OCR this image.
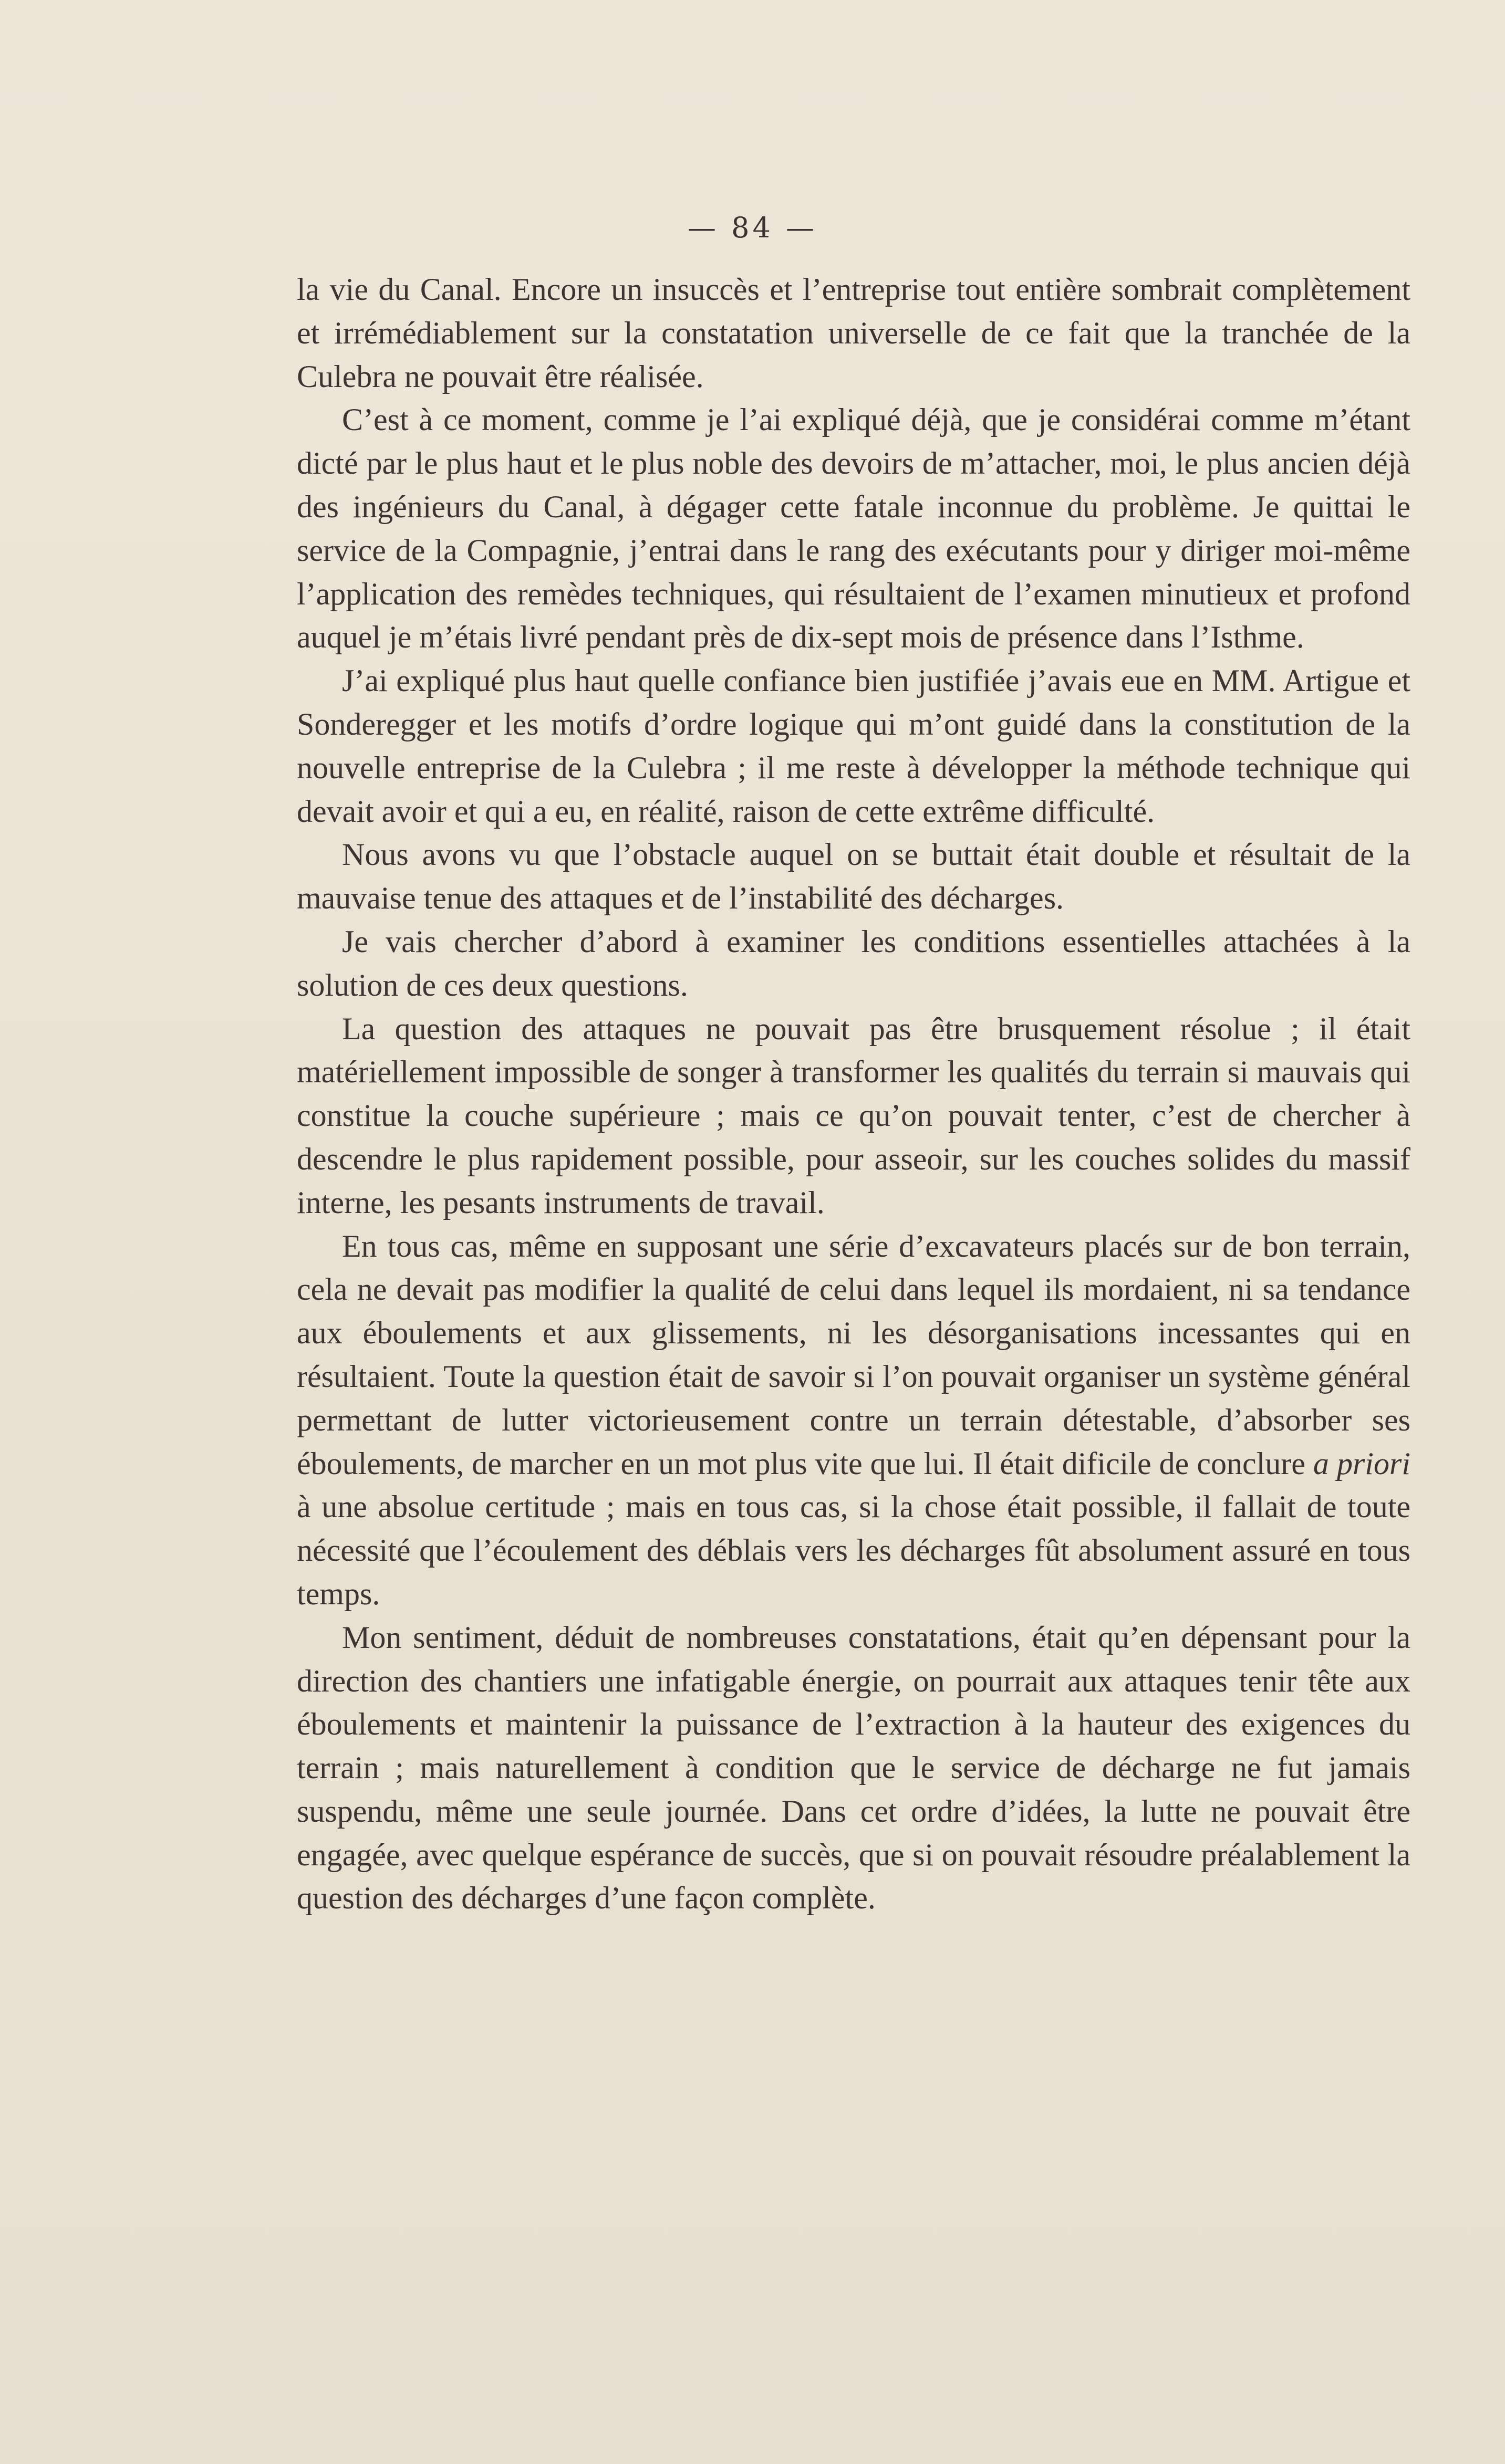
— 84 —

la vie du Canal. Encore un insuccès et l’entreprise tout entière sombrait complètement et irrémédiablement sur la constatation universelle de ce fait que la tranchée de la Culebra ne pouvait être réalisée.

C’est à ce moment, comme je l’ai expliqué déjà, que je considérai comme m’étant dicté par le plus haut et le plus noble des devoirs de m’attacher, moi, le plus ancien déjà des ingénieurs du Canal, à dégager cette fatale inconnue du problème. Je quittai le service de la Compagnie, j’entrai dans le rang des exécutants pour y diriger moi-même l’application des remèdes techniques, qui résultaient de l’examen minutieux et profond auquel je m’étais livré pendant près de dix-sept mois de présence dans l’Isthme.

J’ai expliqué plus haut quelle confiance bien justifiée j’avais eue en MM. Artigue et Sonderegger et les motifs d’ordre logique qui m’ont guidé dans la constitution de la nouvelle entreprise de la Culebra ; il me reste à développer la méthode technique qui devait avoir et qui a eu, en réalité, raison de cette extrême difficulté.

Nous avons vu que l’obstacle auquel on se buttait était double et résultait de la mauvaise tenue des attaques et de l’instabilité des décharges.

Je vais chercher d’abord à examiner les conditions essentielles attachées à la solution de ces deux questions.

La question des attaques ne pouvait pas être brusquement résolue ; il était matériellement impossible de songer à transformer les qualités du terrain si mauvais qui constitue la couche supérieure ; mais ce qu’on pouvait tenter, c’est de chercher à descendre le plus rapidement possible, pour asseoir, sur les couches solides du massif interne, les pesants instruments de travail.

En tous cas, même en supposant une série d’excavateurs placés sur de bon terrain, cela ne devait pas modifier la qualité de celui dans lequel ils mordaient, ni sa tendance aux éboulements et aux glissements, ni les désorganisations incessantes qui en résultaient. Toute la question était de savoir si l’on pouvait organiser un système général permettant de lutter victorieusement contre un terrain détestable, d’absorber ses éboulements, de marcher en un mot plus vite que lui. Il était dificile de conclure a priori à une absolue certitude ; mais en tous cas, si la chose était possible, il fallait de toute nécessité que l’écoulement des déblais vers les décharges fût absolument assuré en tous temps.

Mon sentiment, déduit de nombreuses constatations, était qu’en dépensant pour la direction des chantiers une infatigable énergie, on pourrait aux attaques tenir tête aux éboulements et maintenir la puissance de l’extraction à la hauteur des exigences du terrain ; mais naturellement à condition que le service de décharge ne fut jamais suspendu, même une seule journée. Dans cet ordre d’idées, la lutte ne pouvait être engagée, avec quelque espérance de succès, que si on pouvait résoudre préalablement la question des décharges d’une façon complète.
